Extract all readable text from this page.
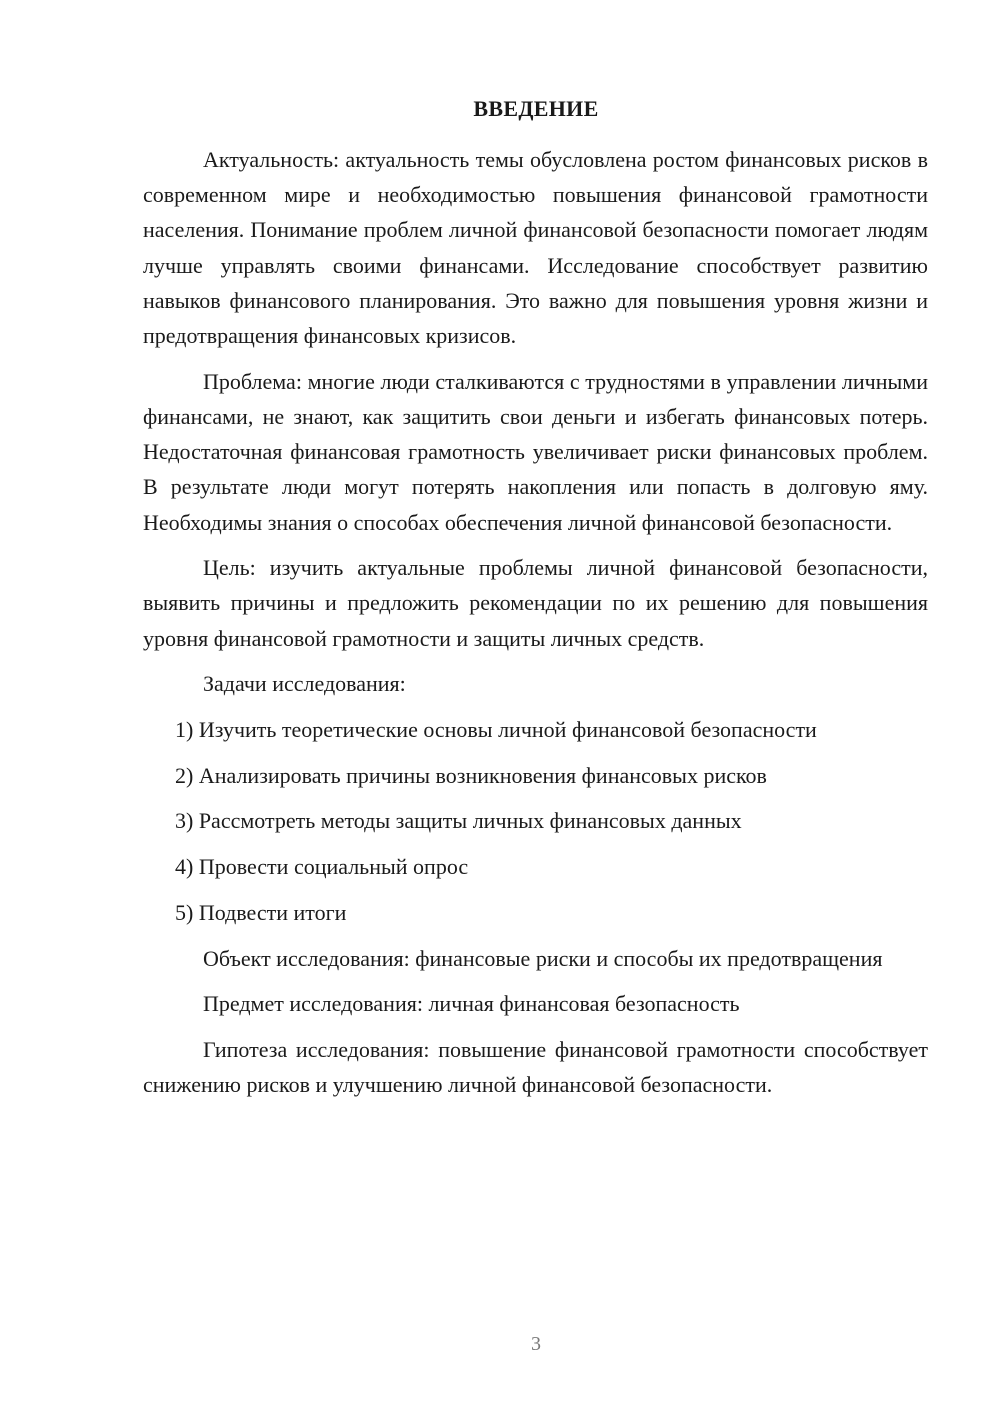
ВВЕДЕНИЕ

Актуальность: актуальность темы обусловлена ростом финансовых рисков в современном мире и необходимостью повышения финансовой грамотности населения. Понимание проблем личной финансовой безопасности помогает людям лучше управлять своими финансами. Исследование способствует развитию навыков финансового планирования. Это важно для повышения уровня жизни и предотвращения финансовых кризисов.

Проблема: многие люди сталкиваются с трудностями в управлении личными финансами, не знают, как защитить свои деньги и избегать финансовых потерь. Недостаточная финансовая грамотность увеличивает риски финансовых проблем. В результате люди могут потерять накопления или попасть в долговую яму. Необходимы знания о способах обеспечения личной финансовой безопасности.

Цель: изучить актуальные проблемы личной финансовой безопасности, выявить причины и предложить рекомендации по их решению для повышения уровня финансовой грамотности и защиты личных средств.

Задачи исследования:

1) Изучить теоретические основы личной финансовой безопасности
2) Анализировать причины возникновения финансовых рисков
3) Рассмотреть методы защиты личных финансовых данных
4) Провести социальный опрос
5) Подвести итоги

Объект исследования: финансовые риски и способы их предотвращения

Предмет исследования: личная финансовая безопасность

Гипотеза исследования: повышение финансовой грамотности способствует снижению рисков и улучшению личной финансовой безопасности.

3
